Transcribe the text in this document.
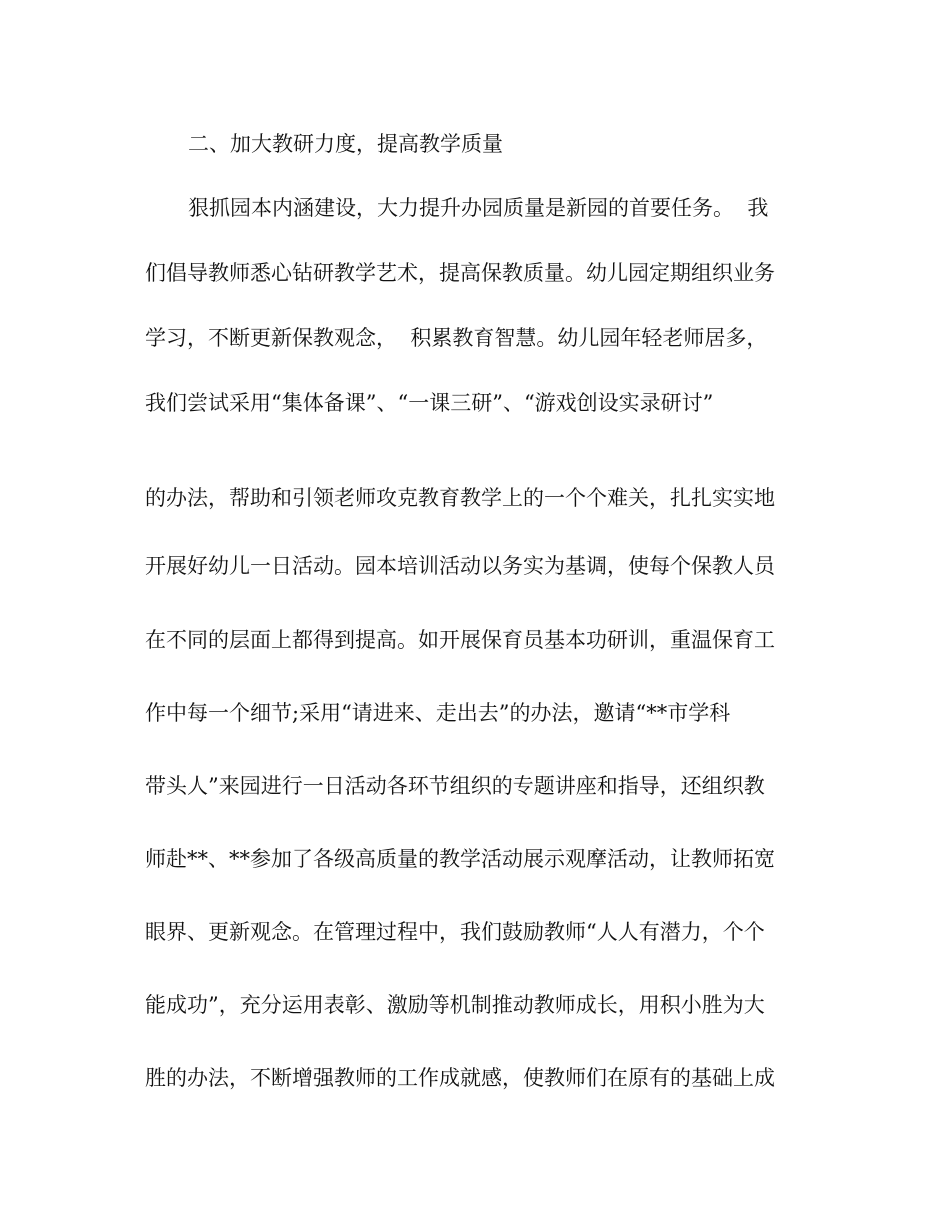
二、加大教研力度，提高教学质量

狠抓园本内涵建设，大力提升办园质量是新园的首要任务。  我

们倡导教师悉心钻研教学艺术，提高保教质量。幼儿园定期组织业务

学习，不断更新保教观念，  积累教育智慧。幼儿园年轻老师居多，

我们尝试采用“集体备课”、“一课三研”、“游戏创设实录研讨”

的办法，帮助和引领老师攻克教育教学上的一个个难关，扎扎实实地

开展好幼儿一日活动。园本培训活动以务实为基调，使每个保教人员

在不同的层面上都得到提高。如开展保育员基本功研训，重温保育工

作中每一个细节;采用“请进来、走出去”的办法，邀请“**市学科

带头人”来园进行一日活动各环节组织的专题讲座和指导，还组织教

师赴**、**参加了各级高质量的教学活动展示观摩活动，让教师拓宽

眼界、更新观念。在管理过程中，我们鼓励教师“人人有潜力，个个

能成功”，充分运用表彰、激励等机制推动教师成长，用积小胜为大

胜的办法，不断增强教师的工作成就感，使教师们在原有的基础上成
